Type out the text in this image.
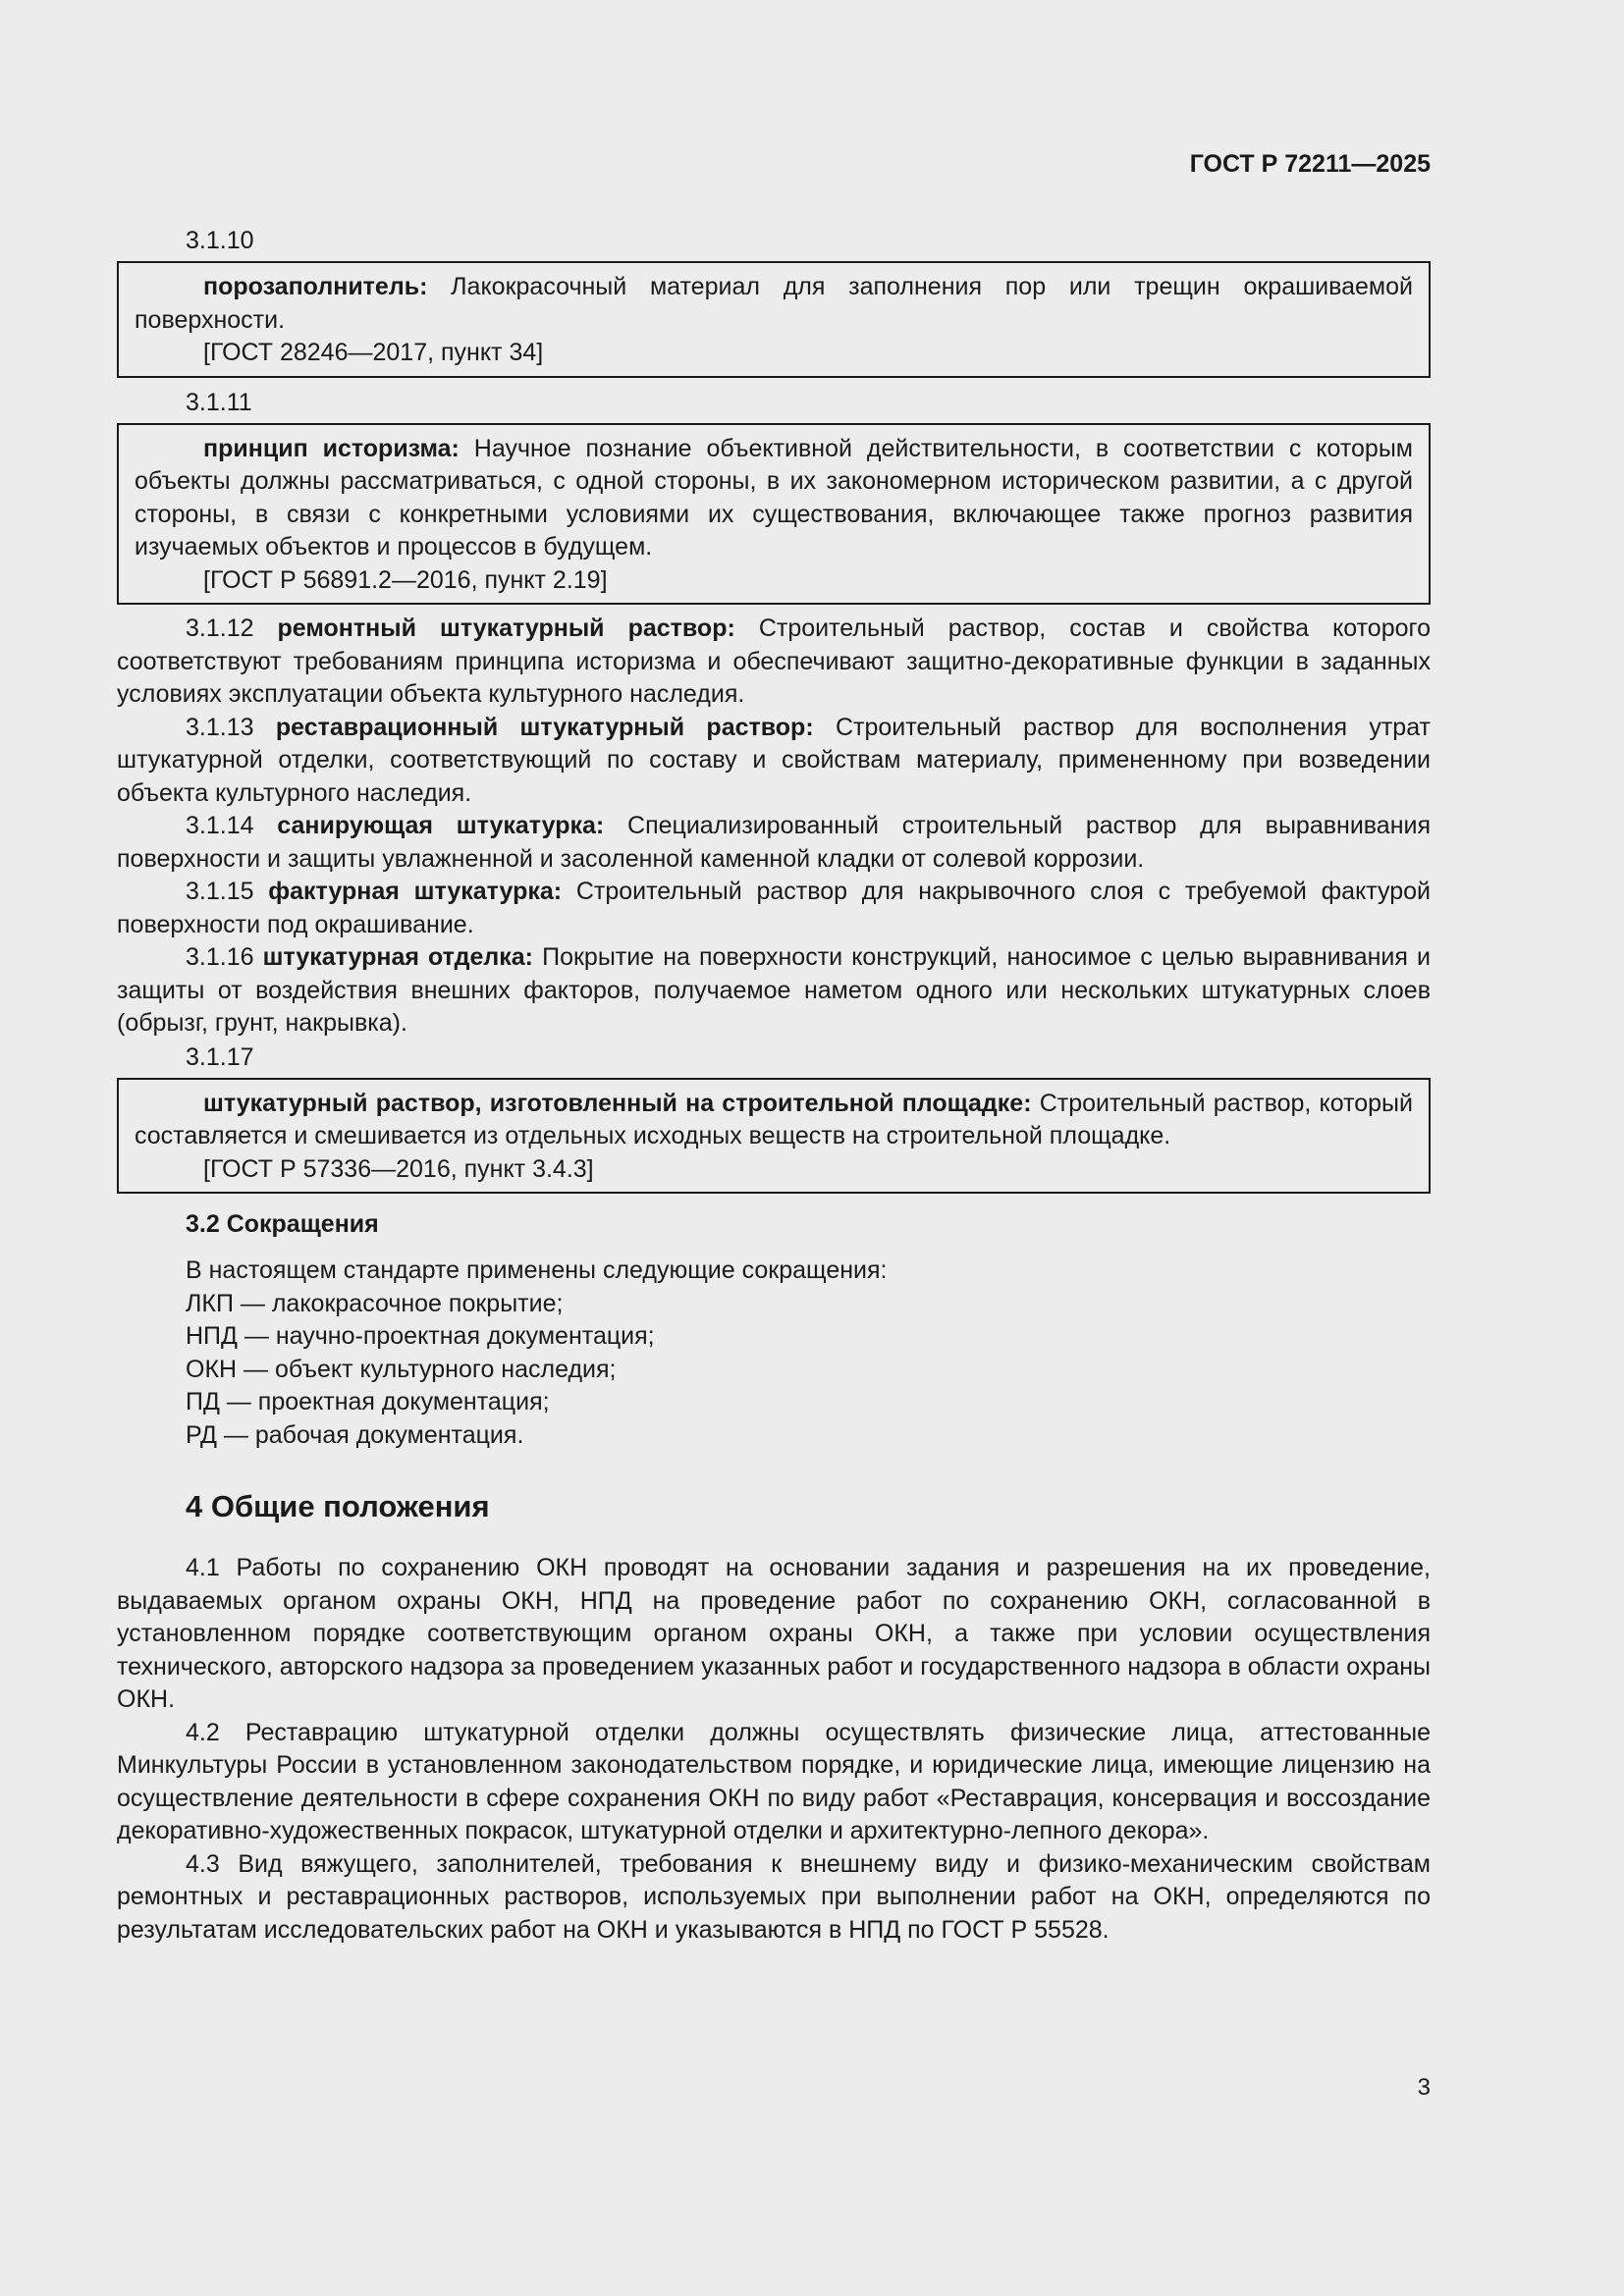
ГОСТ Р 72211—2025
3.1.10

порозаполнитель: Лакокрасочный материал для заполнения пор или трещин окрашиваемой поверхности.

[ГОСТ 28246—2017, пункт 34]

3.1.11

принцип историзма: Научное познание объективной действительности, в соответствии с которым объекты должны рассматриваться, с одной стороны, в их закономерном историческом развитии, а с другой стороны, в связи с конкретными условиями их существования, включающее также прогноз развития изучаемых объектов и процессов в будущем.

[ГОСТ Р 56891.2—2016, пункт 2.19]

3.1.12 ремонтный штукатурный раствор: Строительный раствор, состав и свойства которого соответствуют требованиям принципа историзма и обеспечивают защитно-декоративные функции в заданных условиях эксплуатации объекта культурного наследия.

3.1.13 реставрационный штукатурный раствор: Строительный раствор для восполнения утрат штукатурной отделки, соответствующий по составу и свойствам материалу, примененному при возведении объекта культурного наследия.

3.1.14 санирующая штукатурка: Специализированный строительный раствор для выравнивания поверхности и защиты увлажненной и засоленной каменной кладки от солевой коррозии.

3.1.15 фактурная штукатурка: Строительный раствор для накрывочного слоя с требуемой фактурой поверхности под окрашивание.

3.1.16 штукатурная отделка: Покрытие на поверхности конструкций, наносимое с целью выравнивания и защиты от воздействия внешних факторов, получаемое наметом одного или нескольких штукатурных слоев (обрызг, грунт, накрывка).

3.1.17

штукатурный раствор, изготовленный на строительной площадке: Строительный раствор, который составляется и смешивается из отдельных исходных веществ на строительной площадке.

[ГОСТ Р 57336—2016, пункт 3.4.3]

3.2 Сокращения

В настоящем стандарте применены следующие сокращения:

ЛКП — лакокрасочное покрытие;

НПД — научно-проектная документация;

ОКН — объект культурного наследия;

ПД — проектная документация;

РД — рабочая документация.

4 Общие положения

4.1 Работы по сохранению ОКН проводят на основании задания и разрешения на их проведение, выдаваемых органом охраны ОКН, НПД на проведение работ по сохранению ОКН, согласованной в установленном порядке соответствующим органом охраны ОКН, а также при условии осуществления технического, авторского надзора за проведением указанных работ и государственного надзора в области охраны ОКН.

4.2 Реставрацию штукатурной отделки должны осуществлять физические лица, аттестованные Минкультуры России в установленном законодательством порядке, и юридические лица, имеющие лицензию на осуществление деятельности в сфере сохранения ОКН по виду работ «Реставрация, консервация и воссоздание декоративно-художественных покрасок, штукатурной отделки и архитектурно-лепного декора».

4.3 Вид вяжущего, заполнителей, требования к внешнему виду и физико-механическим свойствам ремонтных и реставрационных растворов, используемых при выполнении работ на ОКН, определяются по результатам исследовательских работ на ОКН и указываются в НПД по ГОСТ Р 55528.

3
